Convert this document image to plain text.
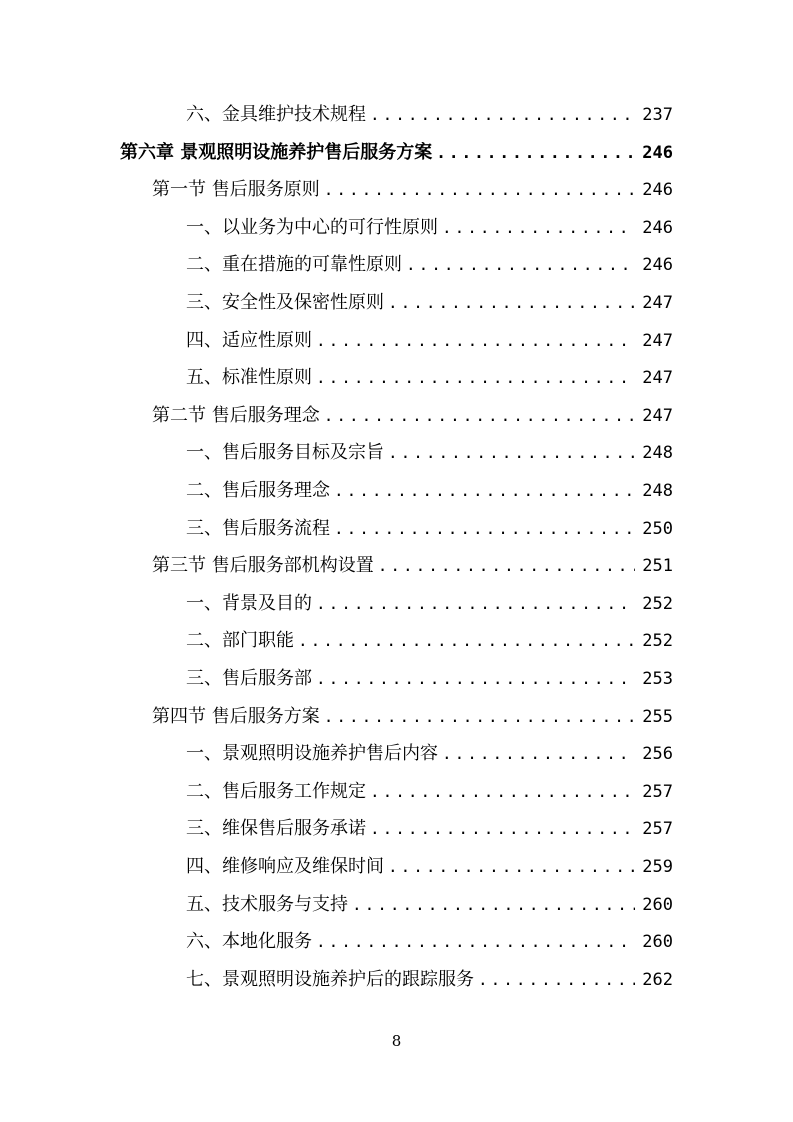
六、金具维护技术规程 .....	237
第六章 景观照明设施养护售后服务方案 .....	246
第一节 售后服务原则 .....	246
一、以业务为中心的可行性原则 .....	246
二、重在措施的可靠性原则 .....	246
三、安全性及保密性原则 .....	247
四、适应性原则 .....	247
五、标准性原则 .....	247
第二节 售后服务理念 .....	247
一、售后服务目标及宗旨 .....	248
二、售后服务理念 .....	248
三、售后服务流程 .....	250
第三节 售后服务部机构设置 .....	251
一、背景及目的 .....	252
二、部门职能 .....	252
三、售后服务部 .....	253
第四节 售后服务方案 .....	255
一、景观照明设施养护售后内容 .....	256
二、售后服务工作规定 .....	257
三、维保售后服务承诺 .....	257
四、维修响应及维保时间 .....	259
五、技术服务与支持 .....	260
六、本地化服务 .....	260
七、景观照明设施养护后的跟踪服务 .....	262
8
